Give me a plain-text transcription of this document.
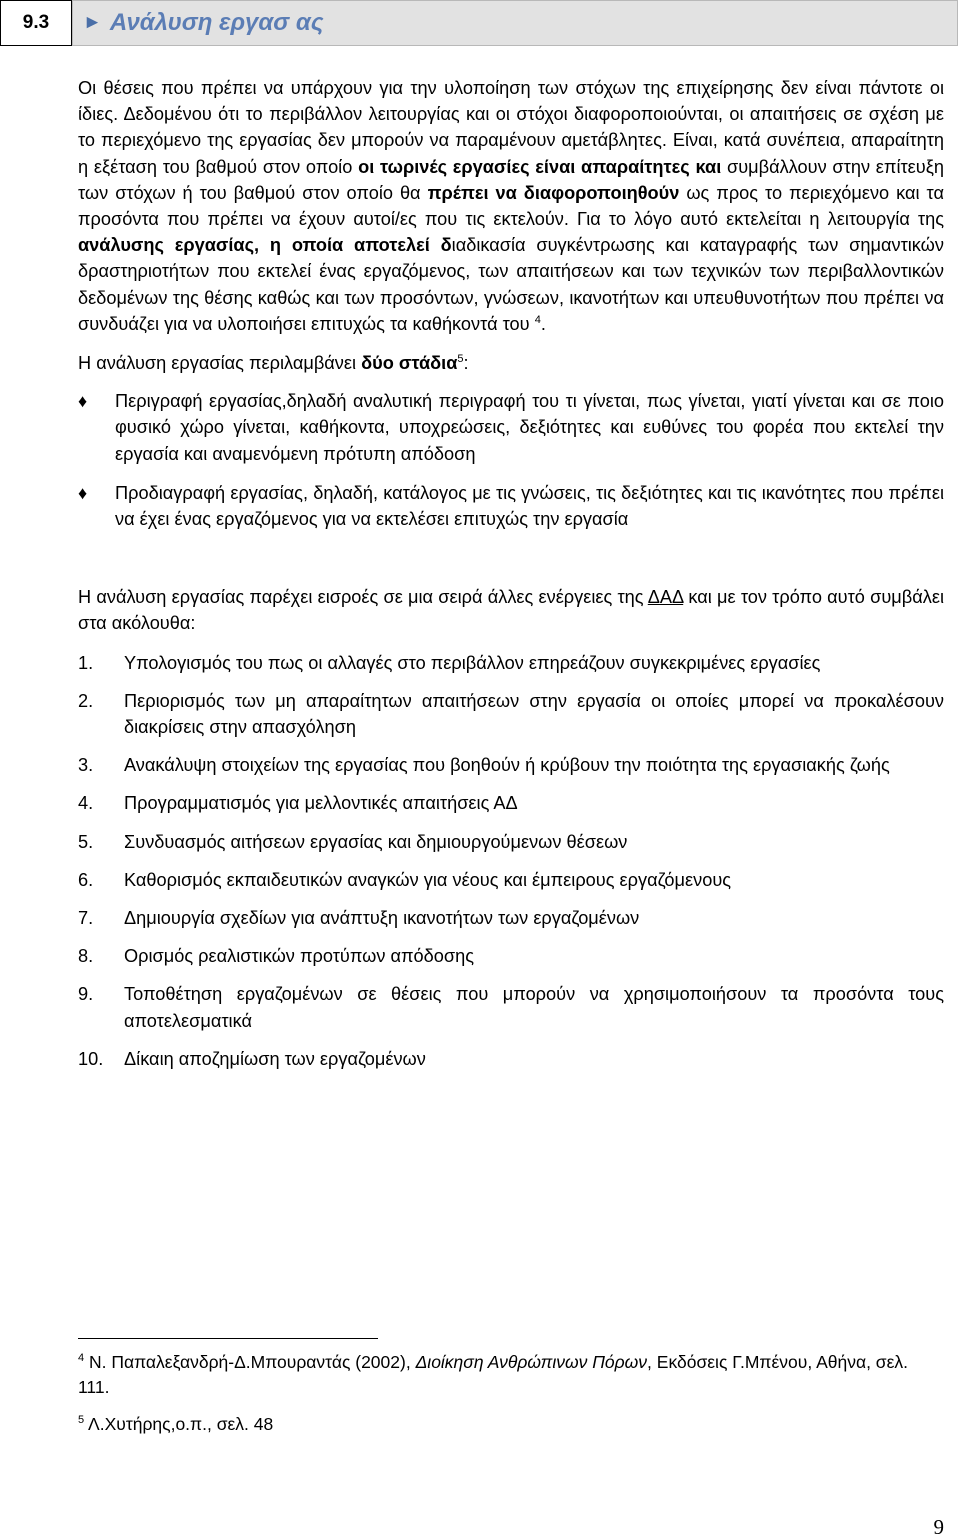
9.3	► Ανάλυση εργασ ας

Οι θέσεις που πρέπει να υπάρχουν για την υλοποίηση των στόχων της επιχείρησης δεν είναι πάντοτε οι ίδιες. Δεδομένου ότι το περιβάλλον λειτουργίας και οι στόχοι διαφοροποιούνται, οι απαιτήσεις σε σχέση με το περιεχόμενο της εργασίας δεν μπορούν να παραμένουν αμετάβλητες. Είναι, κατά συνέπεια, απαραίτητη η εξέταση του βαθμού στον οποίο οι τωρινές εργασίες είναι απαραίτητες και συμβάλλουν στην επίτευξη των στόχων ή του βαθμού στον οποίο θα πρέπει να διαφοροποιηθούν ως προς το περιεχόμενο και τα προσόντα που πρέπει να έχουν αυτοί/ες που τις εκτελούν. Για το λόγο αυτό εκτελείται η λειτουργία της ανάλυσης εργασίας, η οποία αποτελεί διαδικασία συγκέντρωσης και καταγραφής των σημαντικών δραστηριοτήτων που εκτελεί ένας εργαζόμενος, των απαιτήσεων και των τεχνικών των περιβαλλοντικών δεδομένων της θέσης καθώς και των προσόντων, γνώσεων, ικανοτήτων και υπευθυνοτήτων που πρέπει να συνδυάζει για να υλοποιήσει επιτυχώς τα καθήκοντά του $^4$.

Η ανάλυση εργασίας περιλαμβάνει δύο στάδια$^5$:

♦ Περιγραφή εργασίας,δηλαδή αναλυτική περιγραφή του τι γίνεται, πως γίνεται, γιατί γίνεται και σε ποιο φυσικό χώρο γίνεται, καθήκοντα, υποχρεώσεις, δεξιότητες και ευθύνες του φορέα που εκτελεί την εργασία και αναμενόμενη πρότυπη απόδοση
♦ Προδιαγραφή εργασίας, δηλαδή, κατάλογος με τις γνώσεις, τις δεξιότητες και τις ικανότητες που πρέπει να έχει ένας εργαζόμενος για να εκτελέσει επιτυχώς την εργασία

Η ανάλυση εργασίας παρέχει εισροές σε μια σειρά άλλες ενέργειες της ΔΑΔ και με τον τρόπο αυτό συμβάλει στα ακόλουθα:

1. Υπολογισμός του πως οι αλλαγές στο περιβάλλον επηρεάζουν συγκεκριμένες εργασίες
2. Περιορισμός των μη απαραίτητων απαιτήσεων στην εργασία οι οποίες μπορεί να προκαλέσουν διακρίσεις στην απασχόληση
3. Ανακάλυψη στοιχείων της εργασίας που βοηθούν ή κρύβουν την ποιότητα της εργασιακής ζωής
4. Προγραμματισμός για μελλοντικές απαιτήσεις ΑΔ
5. Συνδυασμός αιτήσεων εργασίας και δημιουργούμενων θέσεων
6. Καθορισμός εκπαιδευτικών αναγκών για νέους και έμπειρους εργαζόμενους
7. Δημιουργία σχεδίων για ανάπτυξη ικανοτήτων των εργαζομένων
8. Ορισμός ρεαλιστικών προτύπων απόδοσης
9. Τοποθέτηση εργαζομένων σε θέσεις που μπορούν να χρησιμοποιήσουν τα προσόντα τους αποτελεσματικά
10. Δίκαιη αποζημίωση των εργαζομένων
$^4$ Ν. Παπαλεξανδρή-Δ.Μπουραντάς (2002), Διοίκηση Ανθρώπινων Πόρων, Εκδόσεις Γ.Μπένου, Αθήνα, σελ. 111.
$^5$ Λ.Χυτήρης,ο.π., σελ. 48
9
